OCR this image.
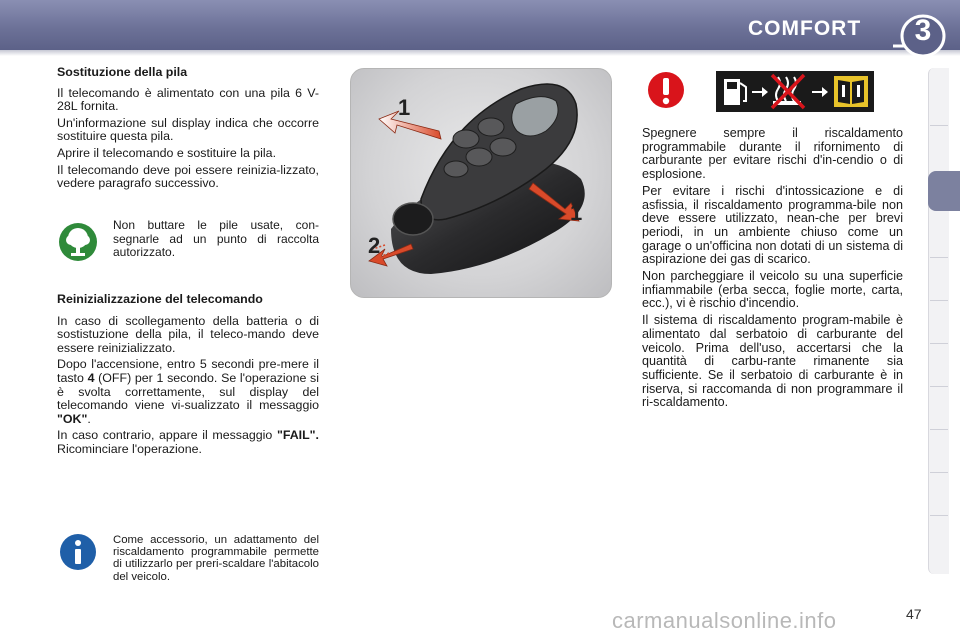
COMFORT	3

Sostituzione della pila

Il telecomando è alimentato con una pila 6 V-28L fornita.

Un'informazione sul display indica che occorre sostituire questa pila.

Aprire il telecomando e sostituire la pila.

Il telecomando deve poi essere reinizia-lizzato, vedere paragrafo successivo.

Non buttare le pile usate, con-segnarle ad un punto di raccolta autorizzato.

Reinizializzazione del telecomando

In caso di scollegamento della batteria o di sostistuzione della pila, il teleco-mando deve essere reinizializzato.

Dopo l'accensione, entro 5 secondi pre-mere il tasto 4 (OFF) per 1 secondo. Se l'operazione si è svolta correttamente, sul display del telecomando viene vi-sualizzato il messaggio "OK".

In caso contrario, appare il messaggio "FAIL". Ricominciare l'operazione.

Come accessorio, un adattamento del riscaldamento programmabile permette di utilizzarlo per preri-scaldare l'abitacolo del veicolo.

1
1
2

Spegnere sempre il riscaldamento programmabile durante il rifornimento di carburante per evitare rischi d'in-cendio o di esplosione.

Per evitare i rischi d'intossicazione e di asfissia, il riscaldamento programma-bile non deve essere utilizzato, nean-che per brevi periodi, in un ambiente chiuso come un garage o un'officina non dotati di un sistema di aspirazione dei gas di scarico.

Non parcheggiare il veicolo su una superficie infiammabile (erba secca, foglie morte, carta, ecc.), vi è rischio d'incendio.

Il sistema di riscaldamento program-mabile è alimentato dal serbatoio di carburante del veicolo. Prima dell'uso, accertarsi che la quantità di carbu-rante rimanente sia sufficiente. Se il serbatoio di carburante è in riserva, si raccomanda di non programmare il ri-scaldamento.

carmanualsonline.info	47
